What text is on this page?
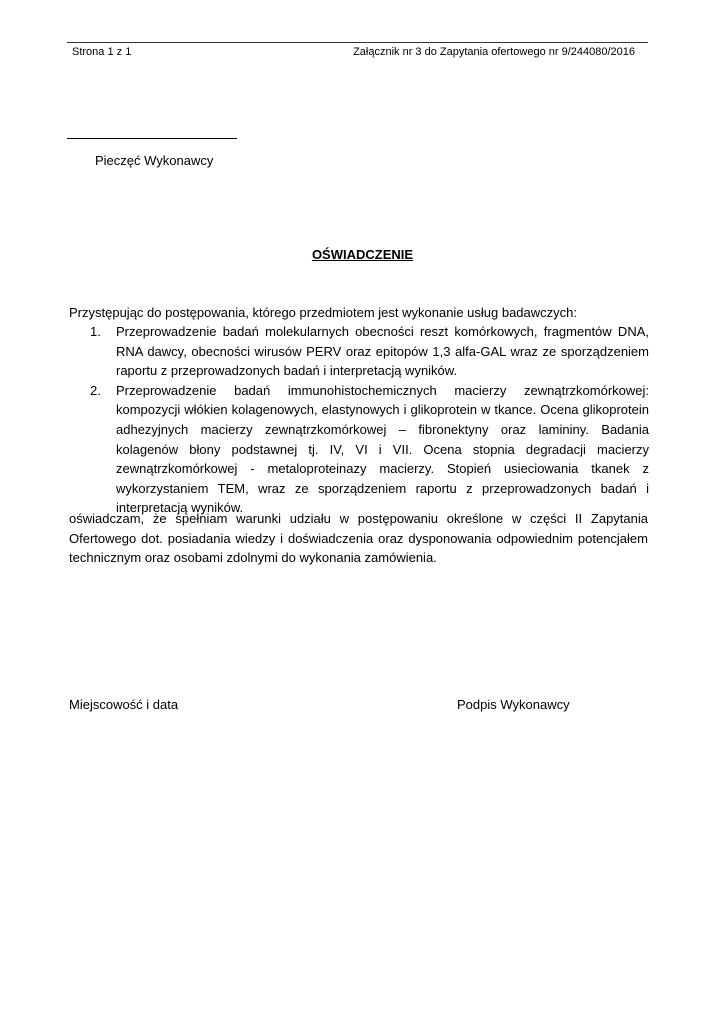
Strona 1 z 1	Załącznik nr 3 do Zapytania ofertowego nr 9/244080/2016
Pieczęć Wykonawcy
OŚWIADCZENIE
Przystępując do postępowania, którego przedmiotem jest wykonanie usług badawczych:
1. Przeprowadzenie badań molekularnych obecności reszt komórkowych, fragmentów DNA, RNA dawcy, obecności wirusów PERV oraz epitopów 1,3 alfa-GAL wraz ze sporządzeniem raportu z przeprowadzonych badań i interpretacją wyników.
2. Przeprowadzenie badań immunohistochemicznych macierzy zewnątrzkomórkowej: kompozycji włókien kolagenowych, elastynowych i glikoprotein w tkance. Ocena glikoprotein adhezyjnych macierzy zewnątrzkomórkowej – fibronektyny oraz lamininy. Badania kolagenów błony podstawnej tj. IV, VI i VII. Ocena stopnia degradacji macierzy zewnątrzkomórkowej - metaloproteinazy macierzy. Stopień usieciowania tkanek z wykorzystaniem TEM, wraz ze sporządzeniem raportu z przeprowadzonych badań i interpretacją wyników.
oświadczam, że spełniam warunki udziału w postępowaniu określone w części II Zapytania Ofertowego dot. posiadania wiedzy i doświadczenia oraz dysponowania odpowiednim potencjałem technicznym oraz osobami zdolnymi do wykonania zamówienia.
Miejscowość i data	Podpis Wykonawcy
